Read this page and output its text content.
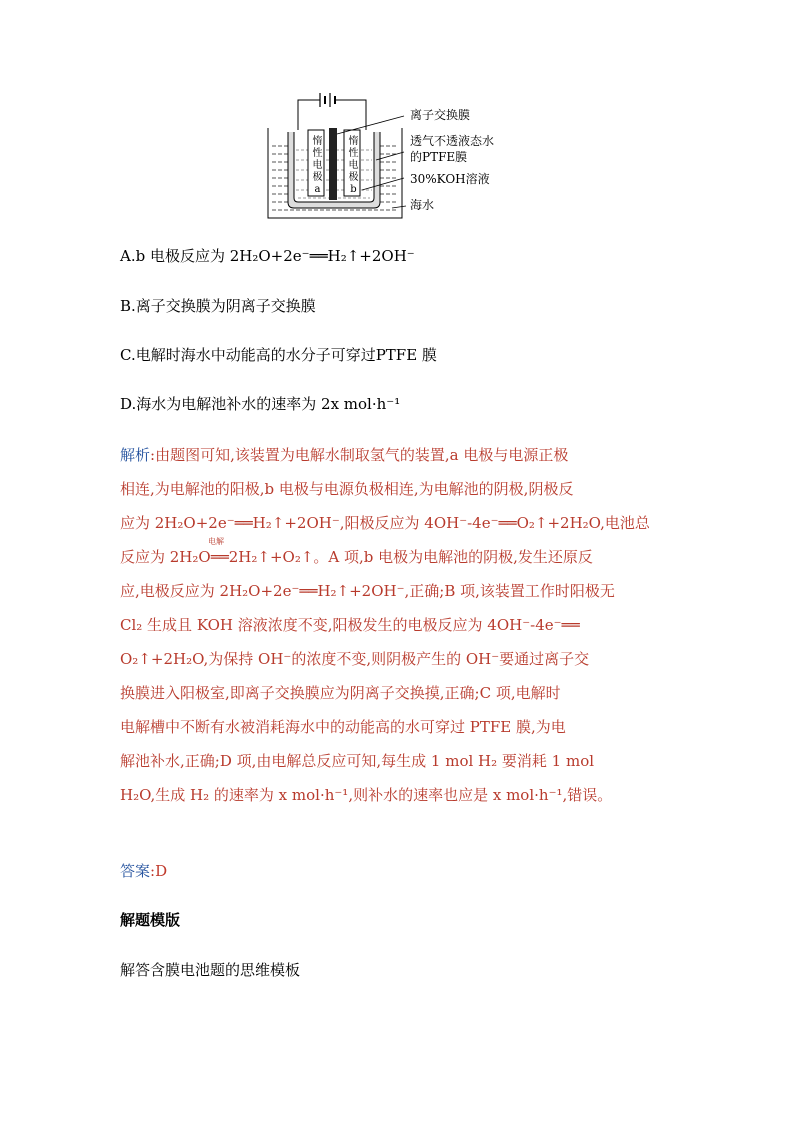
离子交换膜
透气不透液态水
的PTFE膜
30%KOH溶液
海水
惰
性
电
极
a
惰
性
电
极
b
A.b 电极反应为 2H₂O+2e⁻══H₂↑+2OH⁻
B.离子交换膜为阴离子交换膜
C.电解时海水中动能高的水分子可穿过PTFE 膜
D.海水为电解池补水的速率为 2x mol·h⁻¹
解析:由题图可知,该装置为电解水制取氢气的装置,a 电极与电源正极
相连,为电解池的阳极,b 电极与电源负极相连,为电解池的阴极,阴极反
应为 2H₂O+2e⁻══H₂↑+2OH⁻,阳极反应为 4OH⁻-4e⁻══O₂↑+2H₂O,电池总
反应为 2H₂O══2H₂↑+O₂↑。A 项,b 电极为电解池的阴极,发生还原反
应,电极反应为 2H₂O+2e⁻══H₂↑+2OH⁻,正确;B 项,该装置工作时阳极无
Cl₂ 生成且 KOH 溶液浓度不变,阳极发生的电极反应为 4OH⁻-4e⁻══
O₂↑+2H₂O,为保持 OH⁻的浓度不变,则阴极产生的 OH⁻要通过离子交
换膜进入阳极室,即离子交换膜应为阴离子交换摸,正确;C 项,电解时
电解槽中不断有水被消耗海水中的动能高的水可穿过 PTFE 膜,为电
解池补水,正确;D 项,由电解总反应可知,每生成 1 mol H₂ 要消耗 1 mol
H₂O,生成 H₂ 的速率为 x mol·h⁻¹,则补水的速率也应是 x mol·h⁻¹,错误。
电解
答案:D
解题模版
解答含膜电池题的思维模板
